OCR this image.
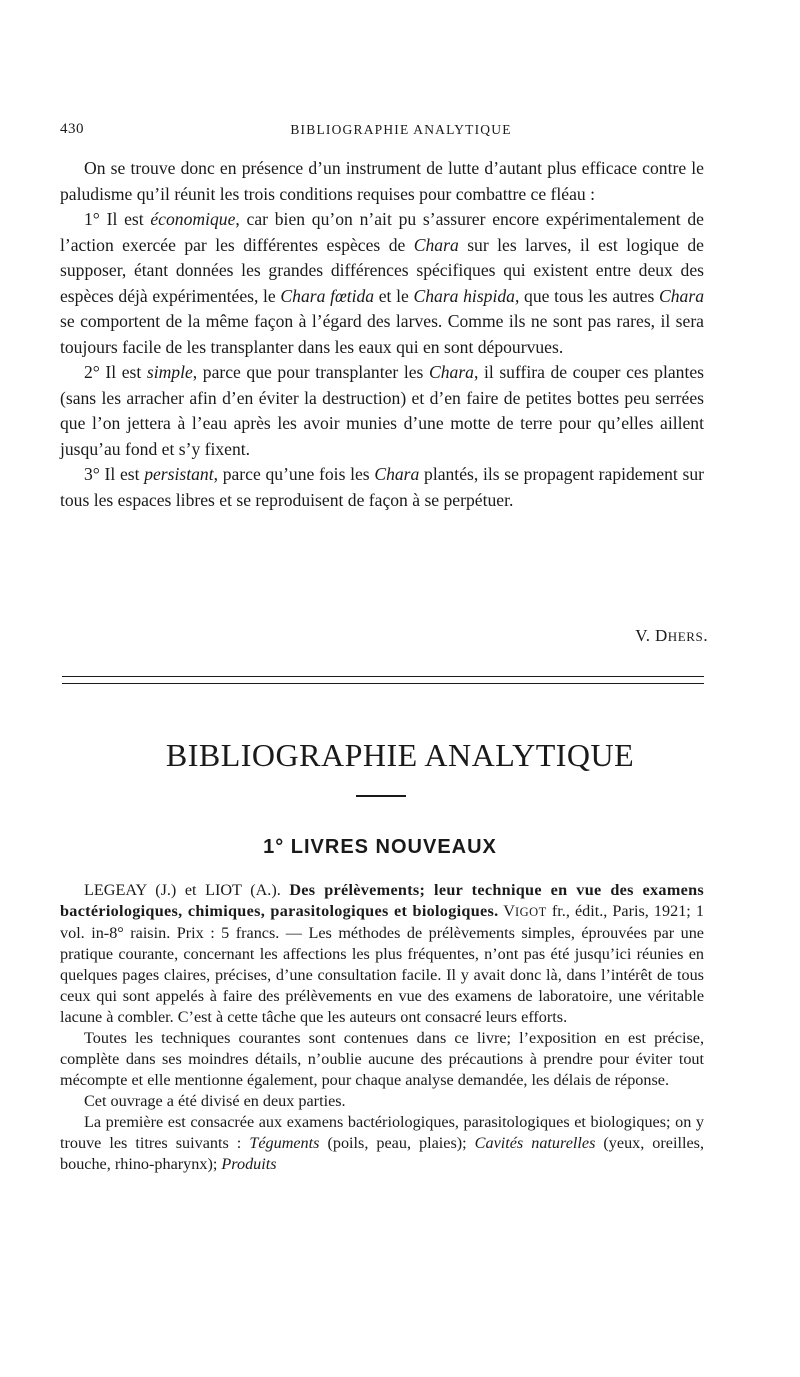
430	BIBLIOGRAPHIE ANALYTIQUE

On se trouve donc en présence d’un instrument de lutte d’autant plus efficace contre le paludisme qu’il réunit les trois conditions requises pour combattre ce fléau :

1° Il est économique, car bien qu’on n’ait pu s’assurer encore expérimentalement de l’action exercée par les différentes espèces de Chara sur les larves, il est logique de supposer, étant données les grandes différences spécifiques qui existent entre deux des espèces déjà expérimentées, le Chara fœtida et le Chara hispida, que tous les autres Chara se comportent de la même façon à l’égard des larves. Comme ils ne sont pas rares, il sera toujours facile de les transplanter dans les eaux qui en sont dépourvues.

2° Il est simple, parce que pour transplanter les Chara, il suffira de couper ces plantes (sans les arracher afin d’en éviter la destruction) et d’en faire de petites bottes peu serrées que l’on jettera à l’eau après les avoir munies d’une motte de terre pour qu’elles aillent jusqu’au fond et s’y fixent.

3° Il est persistant, parce qu’une fois les Chara plantés, ils se propagent rapidement sur tous les espaces libres et se reproduisent de façon à se perpétuer.

V. DHERS.
BIBLIOGRAPHIE ANALYTIQUE
1° LIVRES NOUVEAUX

LEGEAY (J.) et LIOT (A.). Des prélèvements; leur technique en vue des examens bactériologiques, chimiques, parasitologiques et biologiques. VIGOT fr., édit., Paris, 1921; 1 vol. in-8° raisin. Prix : 5 francs. — Les méthodes de prélèvements simples, éprouvées par une pratique courante, concernant les affections les plus fréquentes, n’ont pas été jusqu’ici réunies en quelques pages claires, précises, d’une consultation facile. Il y avait donc là, dans l’intérêt de tous ceux qui sont appelés à faire des prélèvements en vue des examens de laboratoire, une véritable lacune à combler. C’est à cette tâche que les auteurs ont consacré leurs efforts.

Toutes les techniques courantes sont contenues dans ce livre; l’exposition en est précise, complète dans ses moindres détails, n’oublie aucune des précautions à prendre pour éviter tout mécompte et elle mentionne également, pour chaque analyse demandée, les délais de réponse.

Cet ouvrage a été divisé en deux parties.

La première est consacrée aux examens bactériologiques, parasitologiques et biologiques; on y trouve les titres suivants : Téguments (poils, peau, plaies); Cavités naturelles (yeux, oreilles, bouche, rhino-pharynx); Produits
